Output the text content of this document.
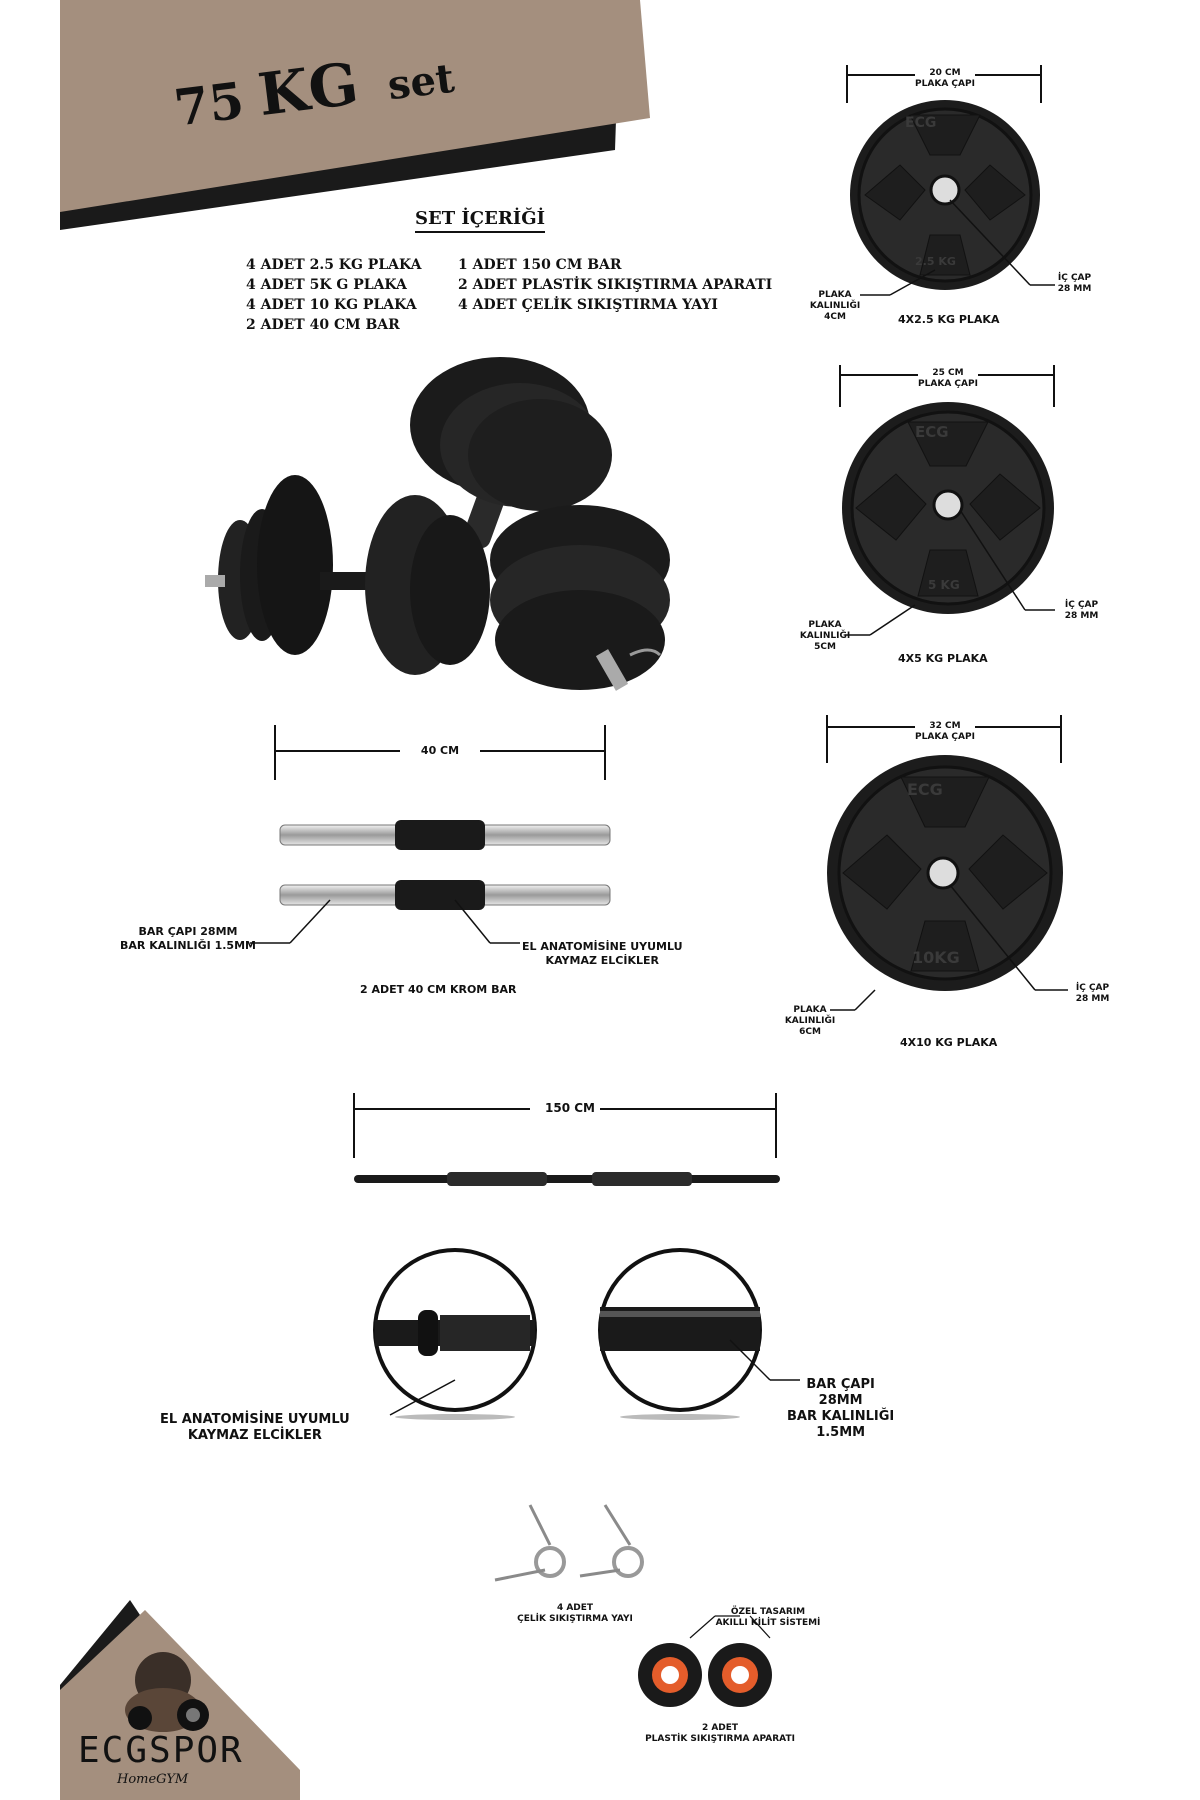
75 KG set
SET İÇERİĞİ
4 ADET 2.5 KG PLAKA
4 ADET 5K G PLAKA
4 ADET 10 KG PLAKA
2 ADET 40 CM BAR
1 ADET 150 CM BAR
2 ADET PLASTİK SIKIŞTIRMA APARATI
4 ADET ÇELİK SIKIŞTIRMA YAYI
40 CM
BAR ÇAPI 28MM
BAR KALINLIĞI 1.5MM	EL ANATOMİSİNE UYUMLU
KAYMAZ ELCİKLER
2 ADET 40 CM KROM BAR
20 CM
PLAKA ÇAPI
ECG
2.5 KG
PLAKA KALINLIĞI 4CM
İÇ ÇAP
28 MM
4X2.5 KG PLAKA
25 CM
PLAKA ÇAPI
ECG
5 KG
PLAKA KALINLIĞI 5CM
İÇ ÇAP
28 MM
4X5 KG PLAKA
32 CM
PLAKA ÇAPI
ECG
10KG
PLAKA KALINLIĞI 6CM
İÇ ÇAP
28 MM
4X10 KG PLAKA
150 CM
EL ANATOMİSİNE UYUMLU
KAYMAZ ELCİKLER
BAR ÇAPI
28MM
BAR KALINLIĞI
1.5MM
4 ADET
ÇELİK SIKIŞTIRMA YAYI
ÖZEL TASARIM
AKILLI KİLİT SİSTEMİ
2 ADET
PLASTİK SIKIŞTIRMA APARATI
ECGSPOR
HomeGYM
